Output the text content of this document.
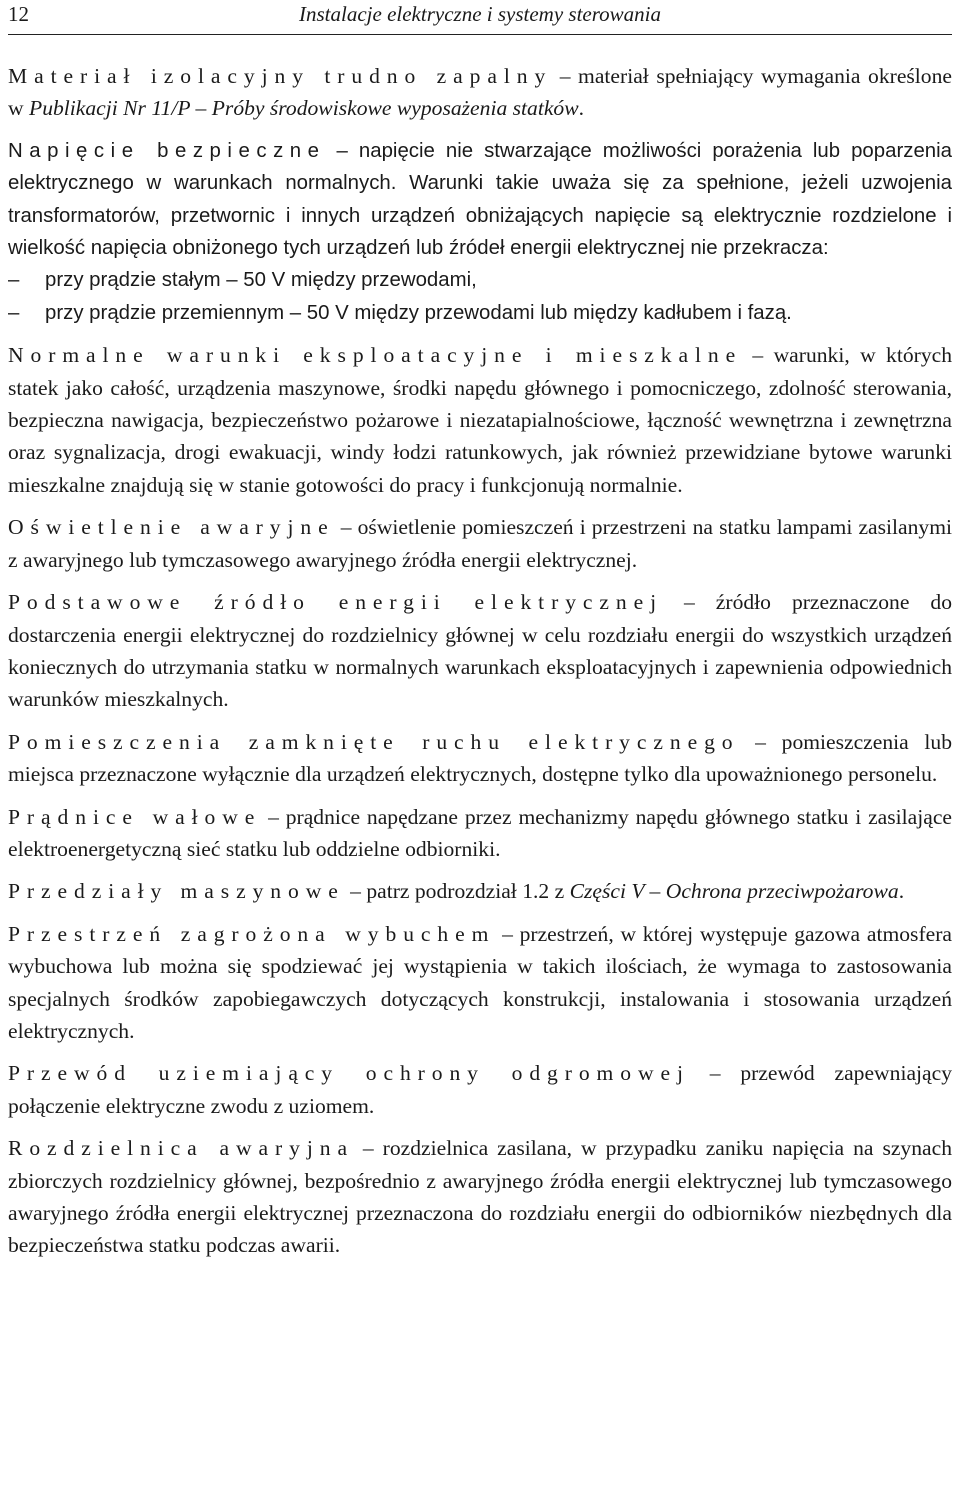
12	Instalacje elektryczne i systemy sterowania

Materiał izolacyjny trudno zapalny – materiał spełniający wymagania określone w Publikacji Nr 11/P – Próby środowiskowe wyposażenia statków.

Napięcie bezpieczne – napięcie nie stwarzające możliwości porażenia lub poparzenia elektrycznego w warunkach normalnych. Warunki takie uważa się za spełnione, jeżeli uzwojenia transformatorów, przetwornic i innych urządzeń obniżających napięcie są elektrycznie rozdzielone i wielkość napięcia obniżonego tych urządzeń lub źródeł energii elektrycznej nie przekracza:

– przy prądzie stałym – 50 V między przewodami,
– przy prądzie przemiennym – 50 V między przewodami lub między kadłubem i fazą.

Normalne warunki eksploatacyjne i mieszkalne – warunki, w których statek jako całość, urządzenia maszynowe, środki napędu głównego i pomocniczego, zdolność sterowania, bezpieczna nawigacja, bezpieczeństwo pożarowe i niezatapialnościowe, łączność wewnętrzna i zewnętrzna oraz sygnalizacja, drogi ewakuacji, windy łodzi ratunkowych, jak również przewidziane bytowe warunki mieszkalne znajdują się w stanie gotowości do pracy i funkcjonują normalnie.

Oświetlenie awaryjne – oświetlenie pomieszczeń i przestrzeni na statku lampami zasilanymi z awaryjnego lub tymczasowego awaryjnego źródła energii elektrycznej.

Podstawowe źródło energii elektrycznej – źródło przeznaczone do dostarczenia energii elektrycznej do rozdzielnicy głównej w celu rozdziału energii do wszystkich urządzeń koniecznych do utrzymania statku w normalnych warunkach eksploatacyjnych i zapewnienia odpowiednich warunków mieszkalnych.

Pomieszczenia zamknięte ruchu elektrycznego – pomieszczenia lub miejsca przeznaczone wyłącznie dla urządzeń elektrycznych, dostępne tylko dla upoważnionego personelu.

Prądnice wałowe – prądnice napędzane przez mechanizmy napędu głównego statku i zasilające elektroenergetyczną sieć statku lub oddzielne odbiorniki.

Przedziały maszynowe – patrz podrozdział 1.2 z Części V – Ochrona przeciwpożarowa.

Przestrzeń zagrożona wybuchem – przestrzeń, w której występuje gazowa atmosfera wybuchowa lub można się spodziewać jej wystąpienia w takich ilościach, że wymaga to zastosowania specjalnych środków zapobiegawczych dotyczących konstrukcji, instalowania i stosowania urządzeń elektrycznych.

Przewód uziemiający ochrony odgromowej – przewód zapewniający połączenie elektryczne zwodu z uziomem.

Rozdzielnica awaryjna – rozdzielnica zasilana, w przypadku zaniku napięcia na szynach zbiorczych rozdzielnicy głównej, bezpośrednio z awaryjnego źródła energii elektrycznej lub tymczasowego awaryjnego źródła energii elektrycznej przeznaczona do rozdziału energii do odbiorników niezbędnych dla bezpieczeństwa statku podczas awarii.
